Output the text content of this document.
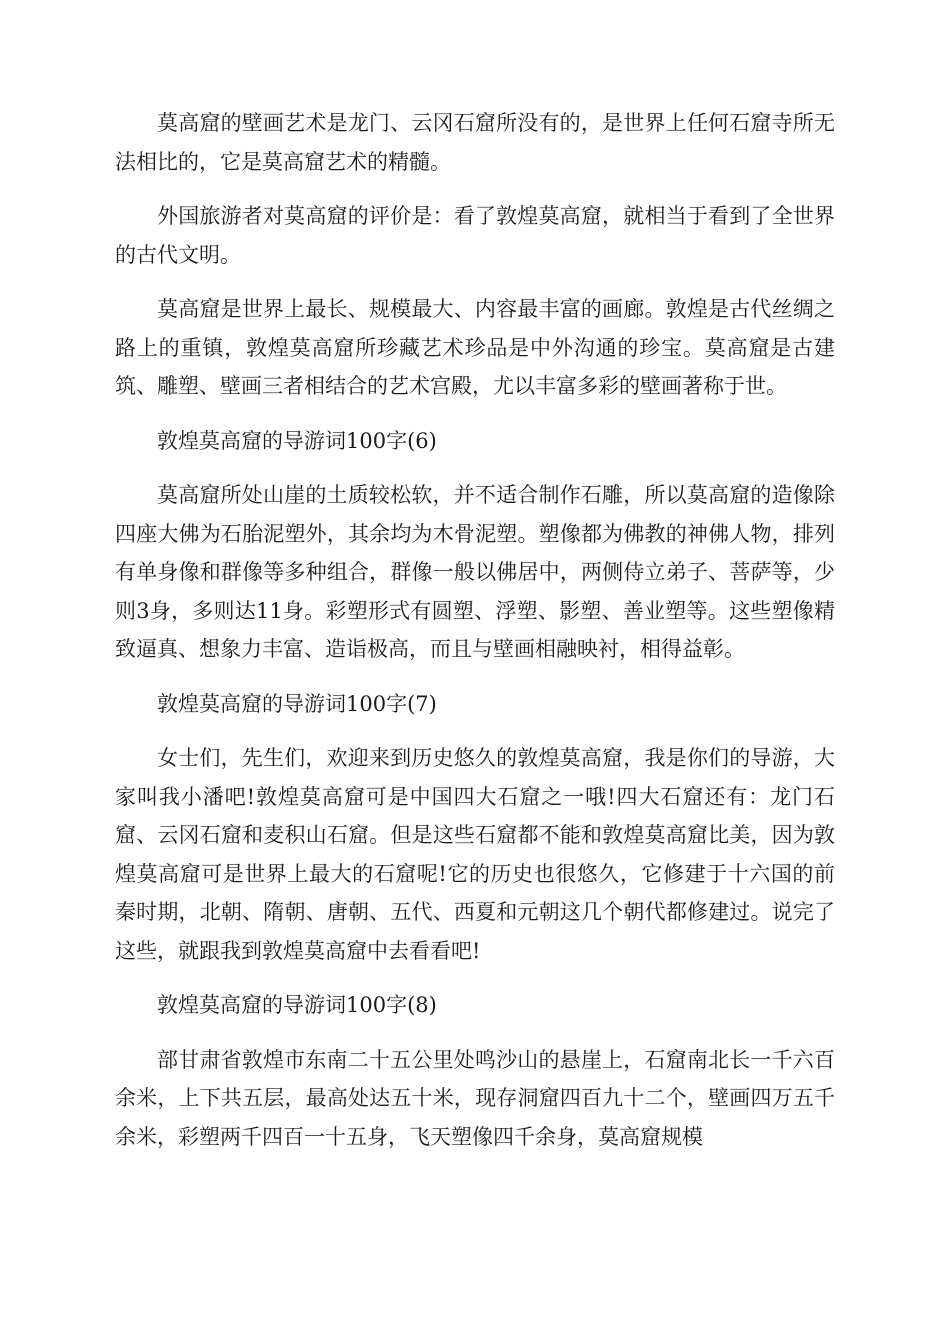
莫高窟的壁画艺术是龙门、云冈石窟所没有的，是世界上任何石窟寺所无法相比的，它是莫高窟艺术的精髓。

外国旅游者对莫高窟的评价是：看了敦煌莫高窟，就相当于看到了全世界的古代文明。

莫高窟是世界上最长、规模最大、内容最丰富的画廊。敦煌是古代丝绸之路上的重镇，敦煌莫高窟所珍藏艺术珍品是中外沟通的珍宝。莫高窟是古建筑、雕塑、壁画三者相结合的艺术宫殿，尤以丰富多彩的壁画著称于世。

敦煌莫高窟的导游词100字(6)

莫高窟所处山崖的土质较松软，并不适合制作石雕，所以莫高窟的造像除四座大佛为石胎泥塑外，其余均为木骨泥塑。塑像都为佛教的神佛人物，排列有单身像和群像等多种组合，群像一般以佛居中，两侧侍立弟子、菩萨等，少则3身，多则达11身。彩塑形式有圆塑、浮塑、影塑、善业塑等。这些塑像精致逼真、想象力丰富、造诣极高，而且与壁画相融映衬，相得益彰。

敦煌莫高窟的导游词100字(7)

女士们，先生们，欢迎来到历史悠久的敦煌莫高窟，我是你们的导游，大家叫我小潘吧!敦煌莫高窟可是中国四大石窟之一哦!四大石窟还有：龙门石窟、云冈石窟和麦积山石窟。但是这些石窟都不能和敦煌莫高窟比美，因为敦煌莫高窟可是世界上最大的石窟呢!它的历史也很悠久，它修建于十六国的前秦时期，北朝、隋朝、唐朝、五代、西夏和元朝这几个朝代都修建过。说完了这些，就跟我到敦煌莫高窟中去看看吧!

敦煌莫高窟的导游词100字(8)

部甘肃省敦煌市东南二十五公里处鸣沙山的悬崖上，石窟南北长一千六百余米，上下共五层，最高处达五十米，现存洞窟四百九十二个，壁画四万五千余米，彩塑两千四百一十五身，飞天塑像四千余身，莫高窟规模
